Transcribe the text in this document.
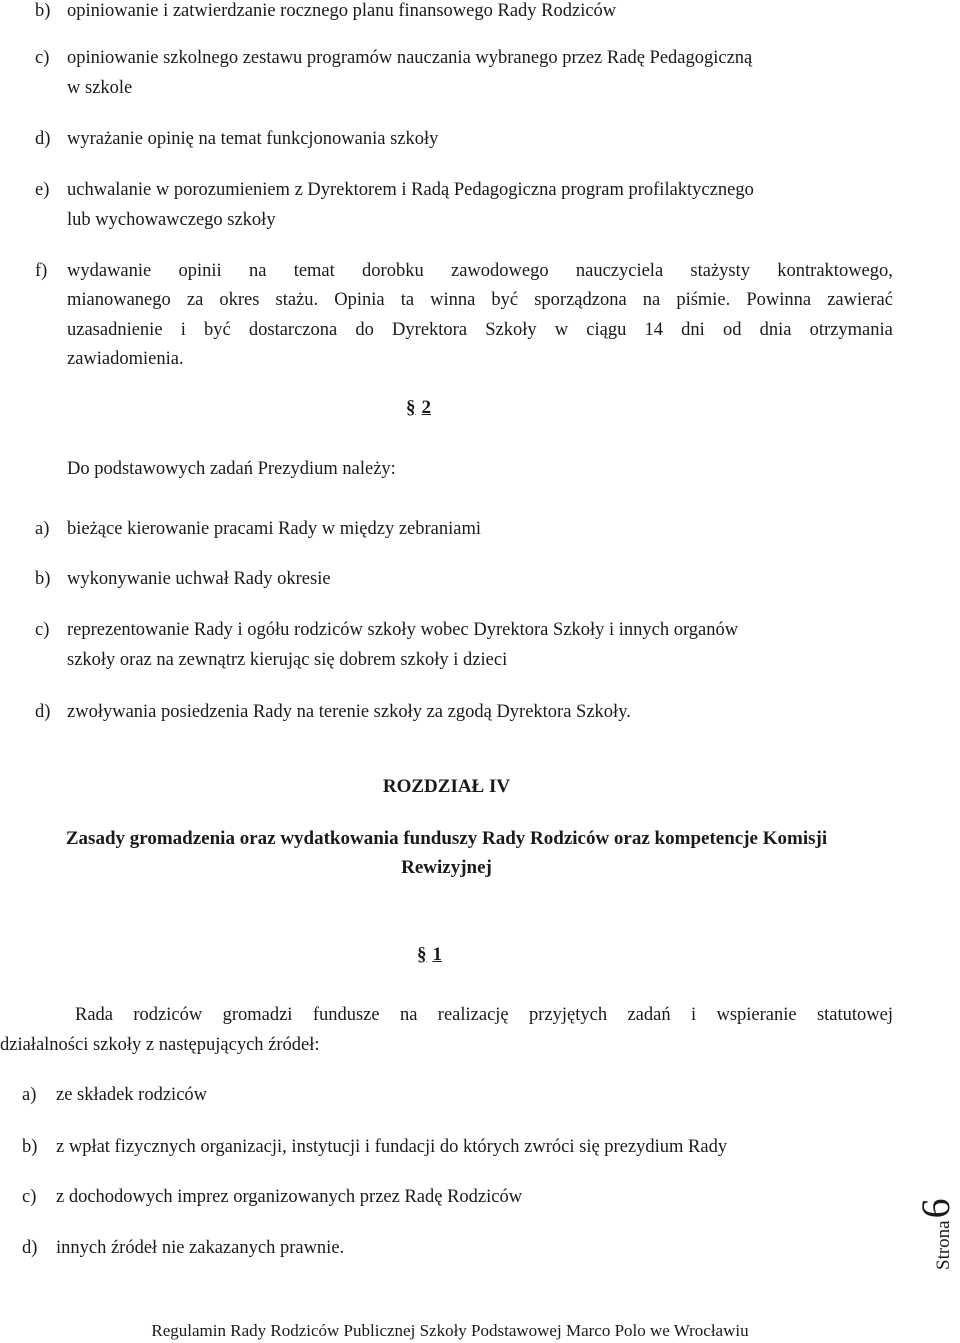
b) opiniowanie i zatwierdzanie rocznego planu finansowego Rady Rodziców
c) opiniowanie szkolnego zestawu programów nauczania wybranego przez Radę Pedagogiczną
w szkole
d) wyrażanie opinię na temat funkcjonowania szkoły
e) uchwalanie w porozumieniem z Dyrektorem i Radą Pedagogiczna program profilaktycznego
lub wychowawczego szkoły
f) wydawanie opinii na temat dorobku zawodowego nauczyciela stażysty kontraktowego,
mianowanego za okres stażu. Opinia ta winna być sporządzona na piśmie. Powinna zawierać
uzasadnienie i być dostarczona do Dyrektora Szkoły w ciągu 14 dni od dnia otrzymania
zawiadomienia.
§ 2
Do podstawowych zadań Prezydium należy:
a) bieżące kierowanie pracami Rady w między zebraniami
b) wykonywanie uchwał Rady okresie
c) reprezentowanie Rady i ogółu rodziców szkoły wobec Dyrektora Szkoły i innych organów
szkoły oraz na zewnątrz kierując się dobrem szkoły i dzieci
d) zwoływania posiedzenia Rady na terenie szkoły za zgodą Dyrektora Szkoły.
ROZDZIAŁ IV
Zasady gromadzenia oraz wydatkowania funduszy Rady Rodziców oraz kompetencje Komisji
Rewizyjnej
§ 1
Rada rodziców gromadzi fundusze na realizację przyjętych zadań i wspieranie statutowej
działalności szkoły z następujących źródeł:
a) ze składek rodziców
b) z wpłat fizycznych organizacji, instytucji i fundacji do których zwróci się prezydium Rady
c) z dochodowych imprez organizowanych przez Radę Rodziców
d) innych źródeł nie zakazanych prawnie.	Strona6
Regulamin Rady Rodziców Publicznej Szkoły Podstawowej Marco Polo we Wrocławiu
